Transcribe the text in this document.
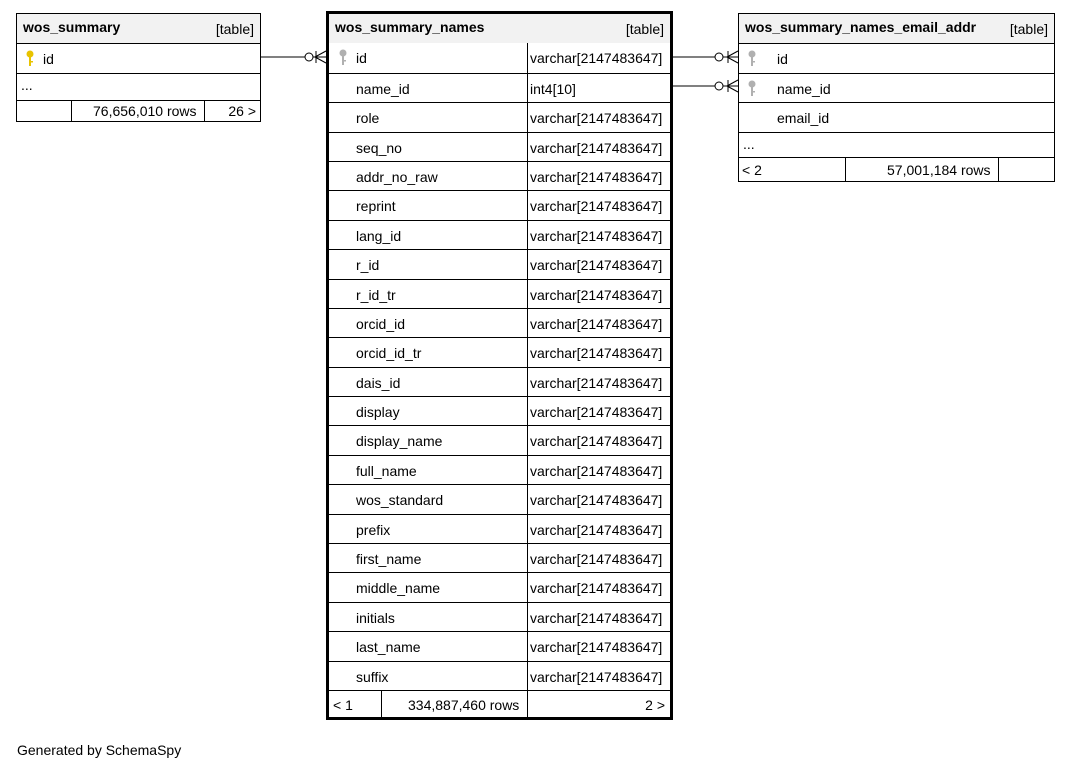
wos_summary	[table]
id
...
76,656,010 rows 26 >
wos_summary_names	[table]
id	varchar[2147483647]
name_id	int4[10]
role	varchar[2147483647]
seq_no	varchar[2147483647]
addr_no_raw	varchar[2147483647]
reprint	varchar[2147483647]
lang_id	varchar[2147483647]
r_id	varchar[2147483647]
r_id_tr	varchar[2147483647]
orcid_id	varchar[2147483647]
orcid_id_tr	varchar[2147483647]
dais_id	varchar[2147483647]
display	varchar[2147483647]
display_name	varchar[2147483647]
full_name	varchar[2147483647]
wos_standard	varchar[2147483647]
prefix	varchar[2147483647]
first_name	varchar[2147483647]
middle_name	varchar[2147483647]
initials	varchar[2147483647]
last_name	varchar[2147483647]
suffix	varchar[2147483647]
< 1	334,887,460 rows	2 >
wos_summary_names_email_addr [table]
id
name_id
email_id
...
< 2	57,001,184 rows
Generated by SchemaSpy
